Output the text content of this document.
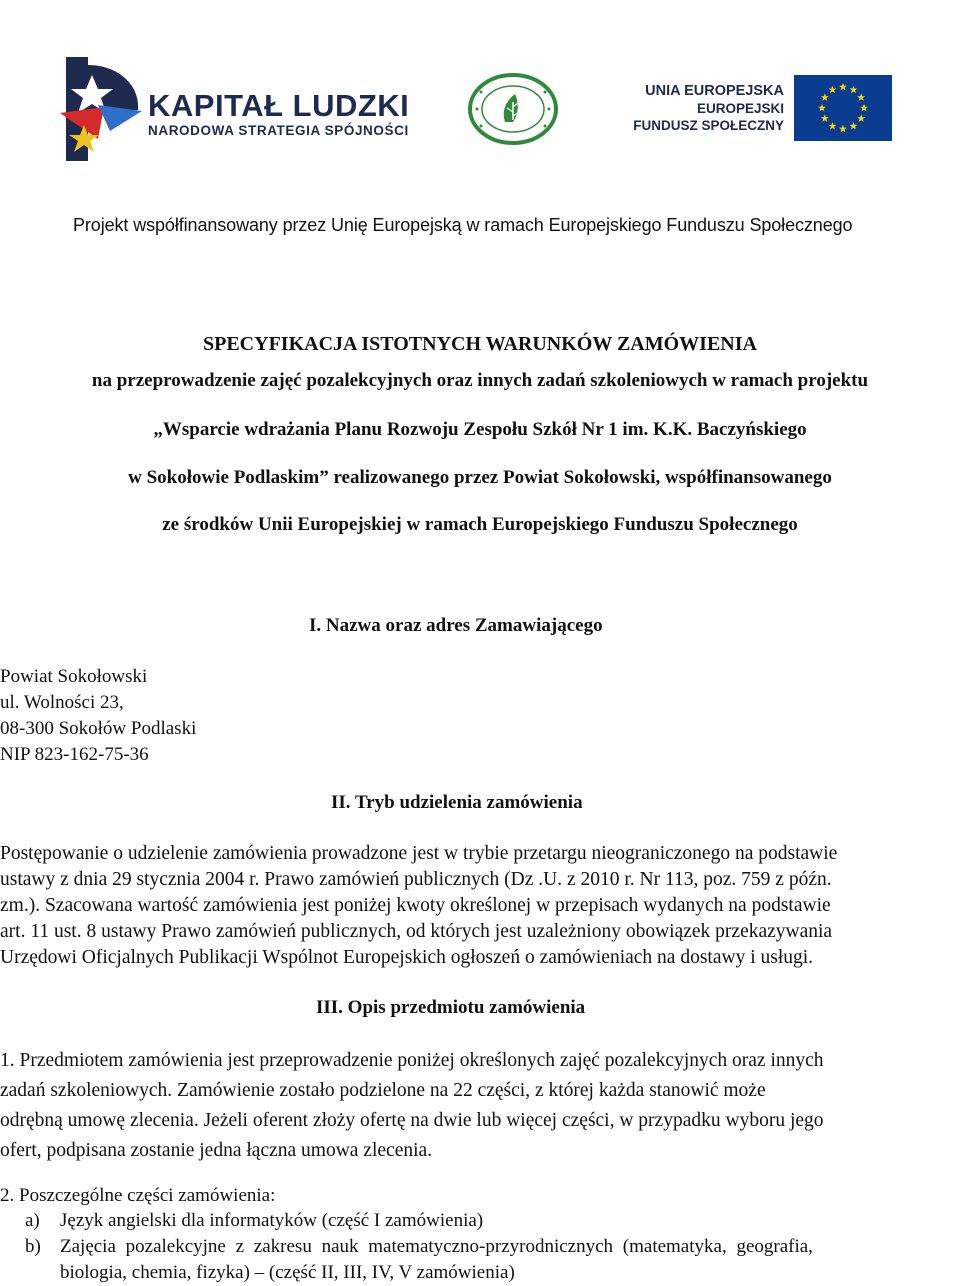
KAPITAŁ LUDZKI
NARODOWA STRATEGIA SPÓJNOŚCI
UNIA EUROPEJSKA
EUROPEJSKI
FUNDUSZ SPOŁECZNY
Projekt współfinansowany przez Unię Europejską w ramach Europejskiego Funduszu Społecznego
SPECYFIKACJA ISTOTNYCH WARUNKÓW ZAMÓWIENIA
na przeprowadzenie zajęć pozalekcyjnych oraz innych zadań szkoleniowych w ramach projektu
„Wsparcie wdrażania Planu Rozwoju Zespołu Szkół Nr 1 im. K.K. Baczyńskiego
w Sokołowie Podlaskim” realizowanego przez Powiat Sokołowski, współfinansowanego
ze środków Unii Europejskiej w ramach Europejskiego Funduszu Społecznego
I. Nazwa oraz adres Zamawiającego
Powiat Sokołowski
ul. Wolności 23,
08-300 Sokołów Podlaski
NIP 823-162-75-36
II. Tryb udzielenia zamówienia
Postępowanie o udzielenie zamówienia prowadzone jest w trybie przetargu nieograniczonego na podstawie
ustawy z dnia 29 stycznia 2004 r. Prawo zamówień publicznych (Dz .U. z 2010 r. Nr 113, poz. 759 z późn.
zm.). Szacowana wartość zamówienia jest poniżej kwoty określonej w przepisach wydanych na podstawie
art. 11 ust. 8 ustawy Prawo zamówień publicznych, od których jest uzależniony obowiązek przekazywania
Urzędowi Oficjalnych Publikacji Wspólnot Europejskich ogłoszeń o zamówieniach na dostawy i usługi.
III. Opis przedmiotu zamówienia
1. Przedmiotem zamówienia jest przeprowadzenie poniżej określonych zajęć pozalekcyjnych oraz innych
zadań szkoleniowych. Zamówienie zostało podzielone na 22 części, z której każda stanowić może
odrębną umowę zlecenia. Jeżeli oferent złoży ofertę na dwie lub więcej części, w przypadku wyboru jego
ofert, podpisana zostanie jedna łączna umowa zlecenia.
2. Poszczególne części zamówienia:
a) Język angielski dla informatyków (część I zamówienia)
b) Zajęcia pozalekcyjne z zakresu nauk matematyczno-przyrodnicznych (matematyka, geografia,
biologia, chemia, fizyka) – (część II, III, IV, V zamówienia)
